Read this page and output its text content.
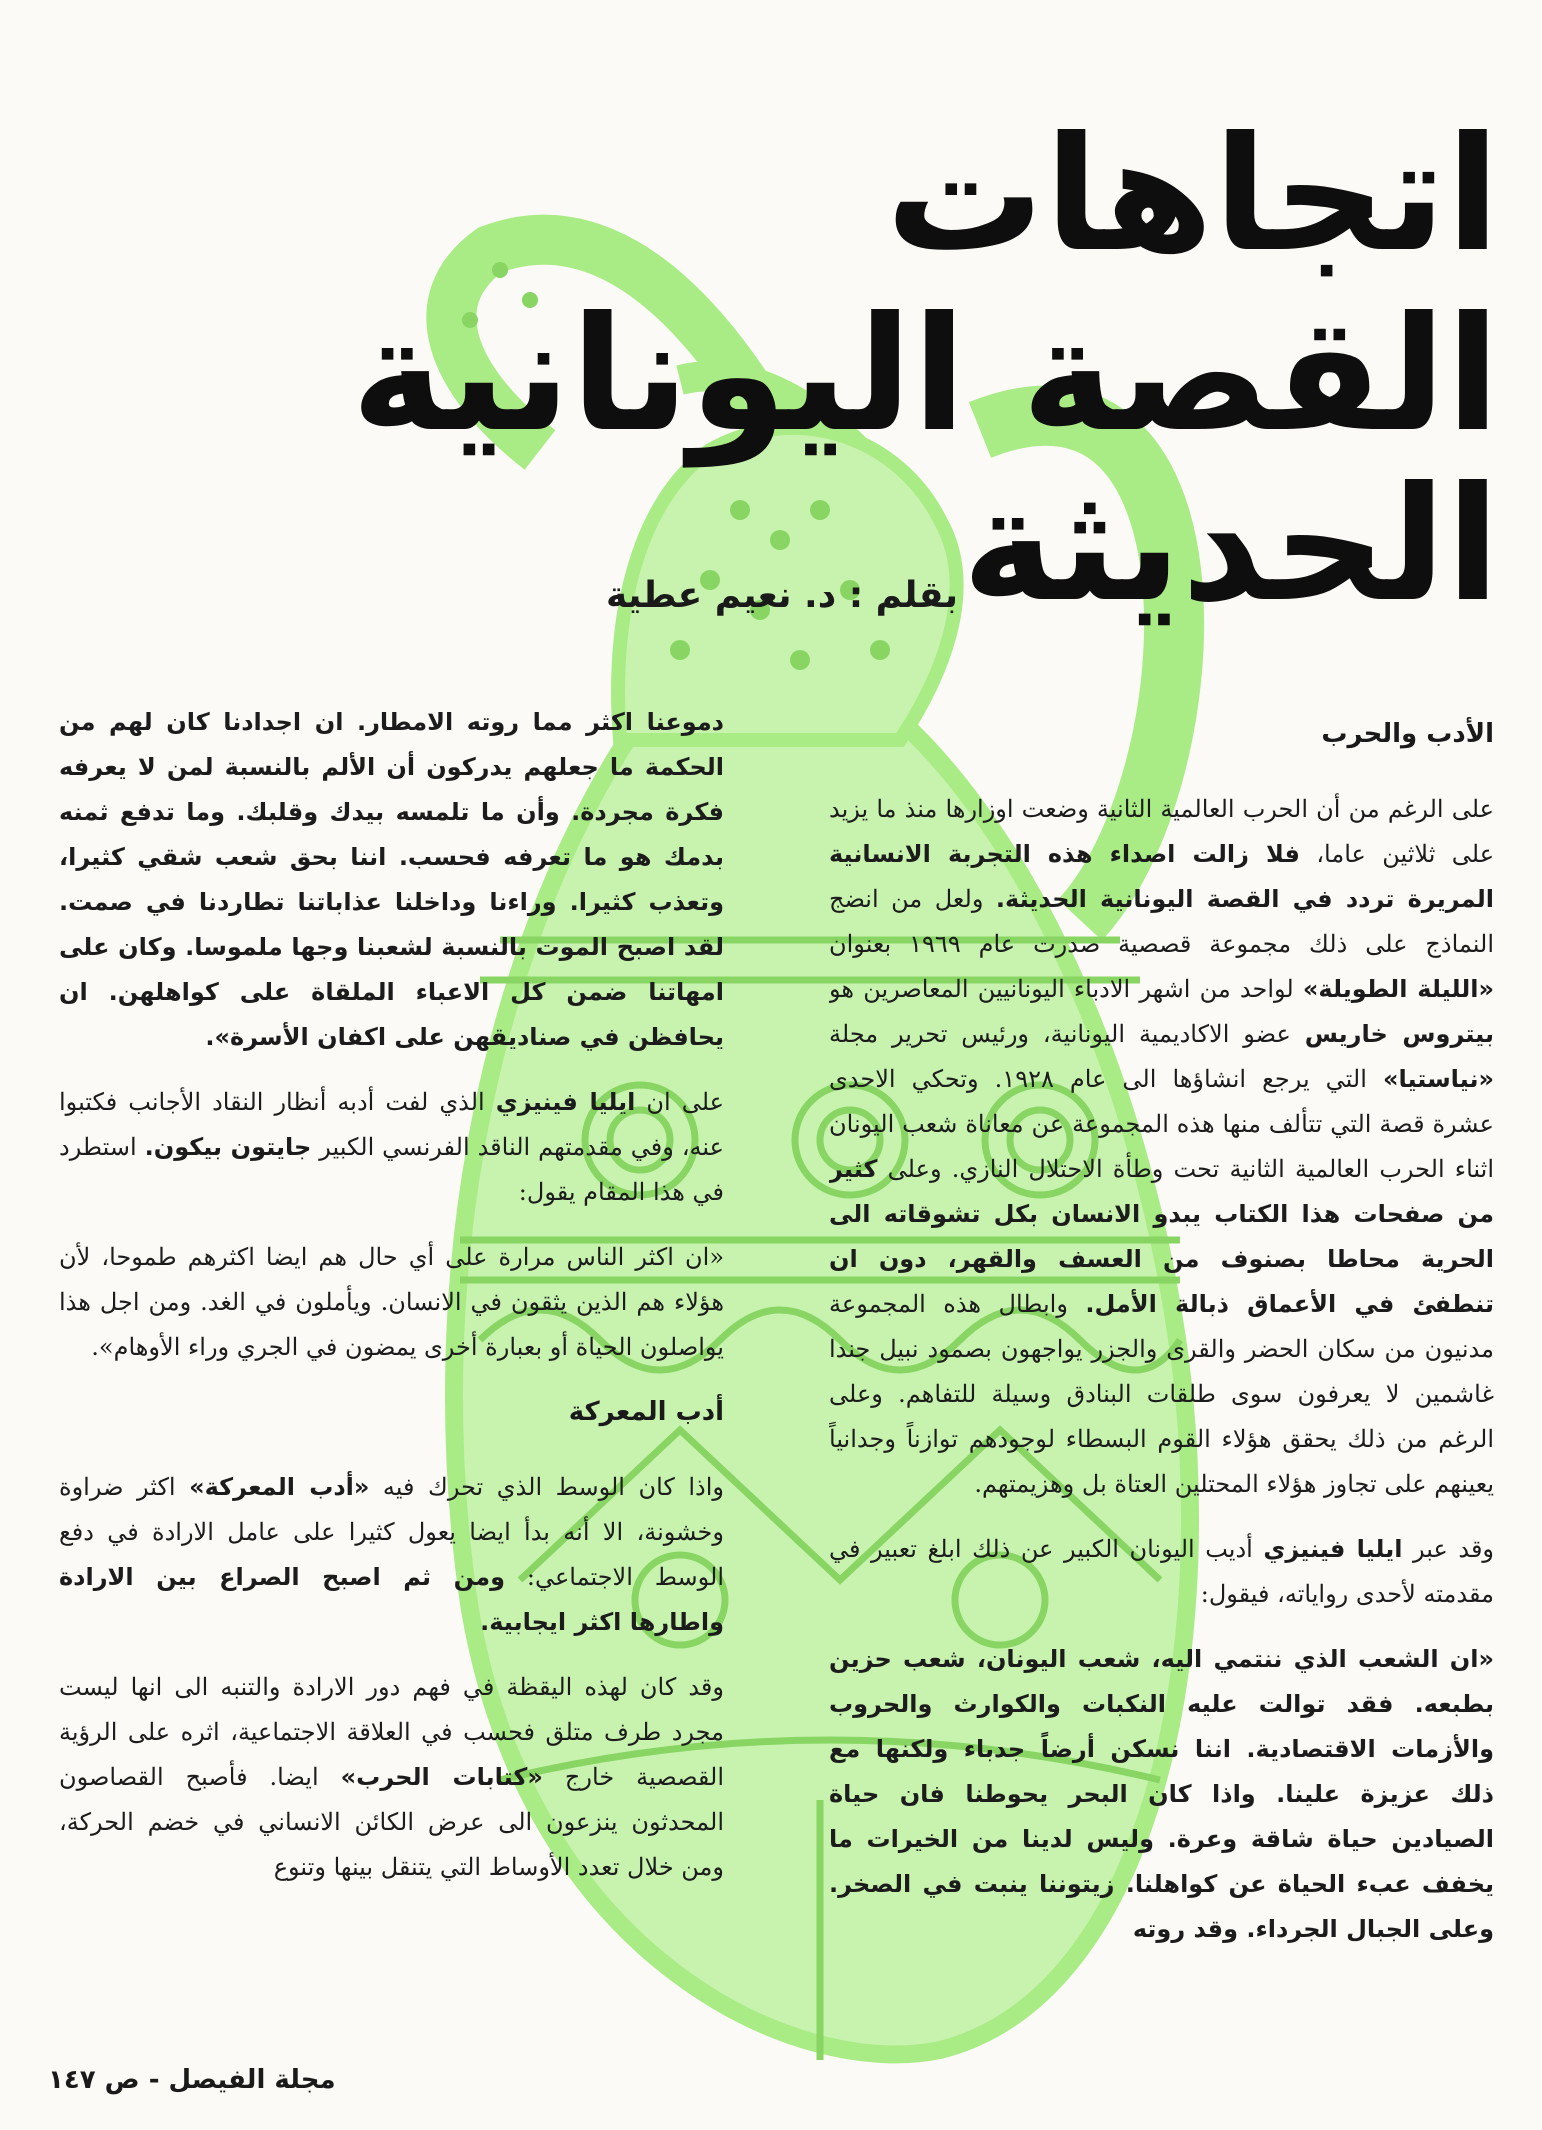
اتجاهات
القصة اليونانية
الحديثة
بقلم : د. نعيم عطية
الأدب والحرب

على الرغم من أن الحرب العالمية الثانية وضعت اوزارها منذ ما يزيد على ثلاثين عاما، فلا زالت اصداء هذه التجربة الانسانية المريرة تردد في القصة اليونانية الحديثة. ولعل من انضج النماذج على ذلك مجموعة قصصية صدرت عام ١٩٦٩ بعنوان «الليلة الطويلة» لواحد من اشهر الادباء اليونانيين المعاصرين هو بيتروس خاريس عضو الاكاديمية اليونانية، ورئيس تحرير مجلة «نياستيا» التي يرجع انشاؤها الى عام ١٩٢٨. وتحكي الاحدى عشرة قصة التي تتألف منها هذه المجموعة عن معاناة شعب اليونان اثناء الحرب العالمية الثانية تحت وطأة الاحتلال النازي. وعلى كثير من صفحات هذا الكتاب يبدو الانسان بكل تشوقاته الى الحرية محاطا بصنوف من العسف والقهر، دون ان تنطفئ في الأعماق ذبالة الأمل. وابطال هذه المجموعة مدنيون من سكان الحضر والقرى والجزر يواجهون بصمود نبيل جندا غاشمين لا يعرفون سوى طلقات البنادق وسيلة للتفاهم. وعلى الرغم من ذلك يحقق هؤلاء القوم البسطاء لوجودهم توازناً وجدانياً يعينهم على تجاوز هؤلاء المحتلين العتاة بل وهزيمتهم.

وقد عبر ايليا فينيزي أديب اليونان الكبير عن ذلك ابلغ تعبير في مقدمته لأحدى رواياته، فيقول:

«ان الشعب الذي ننتمي اليه، شعب اليونان، شعب حزين بطبعه. فقد توالت عليه النكبات والكوارث والحروب والأزمات الاقتصادية. اننا نسكن أرضاً جدباء ولكنها مع ذلك عزيزة علينا. واذا كان البحر يحوطنا فان حياة الصيادين حياة شاقة وعرة. وليس لدينا من الخيرات ما يخفف عبء الحياة عن كواهلنا. زيتوننا ينبت في الصخر. وعلى الجبال الجرداء. وقد روته

دموعنا اكثر مما روته الامطار. ان اجدادنا كان لهم من الحكمة ما جعلهم يدركون أن الألم بالنسبة لمن لا يعرفه فكرة مجردة. وأن ما تلمسه بيدك وقلبك. وما تدفع ثمنه بدمك هو ما تعرفه فحسب. اننا بحق شعب شقي كثيرا، وتعذب كثيرا. وراءنا وداخلنا عذاباتنا تطاردنا في صمت. لقد اصبح الموت بالنسبة لشعبنا وجها ملموسا. وكان على امهاتنا ضمن كل الاعباء الملقاة على كواهلهن. ان يحافظن في صناديقهن على اكفان الأسرة».

على ان ايليا فينيزي الذي لفت أدبه أنظار النقاد الأجانب فكتبوا عنه، وفي مقدمتهم الناقد الفرنسي الكبير جايتون بيكون. استطرد في هذا المقام يقول:

«ان اكثر الناس مرارة على أي حال هم ايضا اكثرهم طموحا، لأن هؤلاء هم الذين يثقون في الانسان. ويأملون في الغد. ومن اجل هذا يواصلون الحياة أو بعبارة أخرى يمضون في الجري وراء الأوهام».

أدب المعركة

واذا كان الوسط الذي تحرك فيه «أدب المعركة» اكثر ضراوة وخشونة، الا أنه بدأ ايضا يعول كثيرا على عامل الارادة في دفع الوسط الاجتماعي: ومن ثم اصبح الصراع بين الارادة واطارها اكثر ايجابية.

وقد كان لهذه اليقظة في فهم دور الارادة والتنبه الى انها ليست مجرد طرف متلق فحسب في العلاقة الاجتماعية، اثره على الرؤية القصصية خارج «كتابات الحرب» ايضا. فأصبح القصاصون المحدثون ينزعون الى عرض الكائن الانساني في خضم الحركة، ومن خلال تعدد الأوساط التي يتنقل بينها وتنوع

مجلة الفيصل - ص ١٤٧
